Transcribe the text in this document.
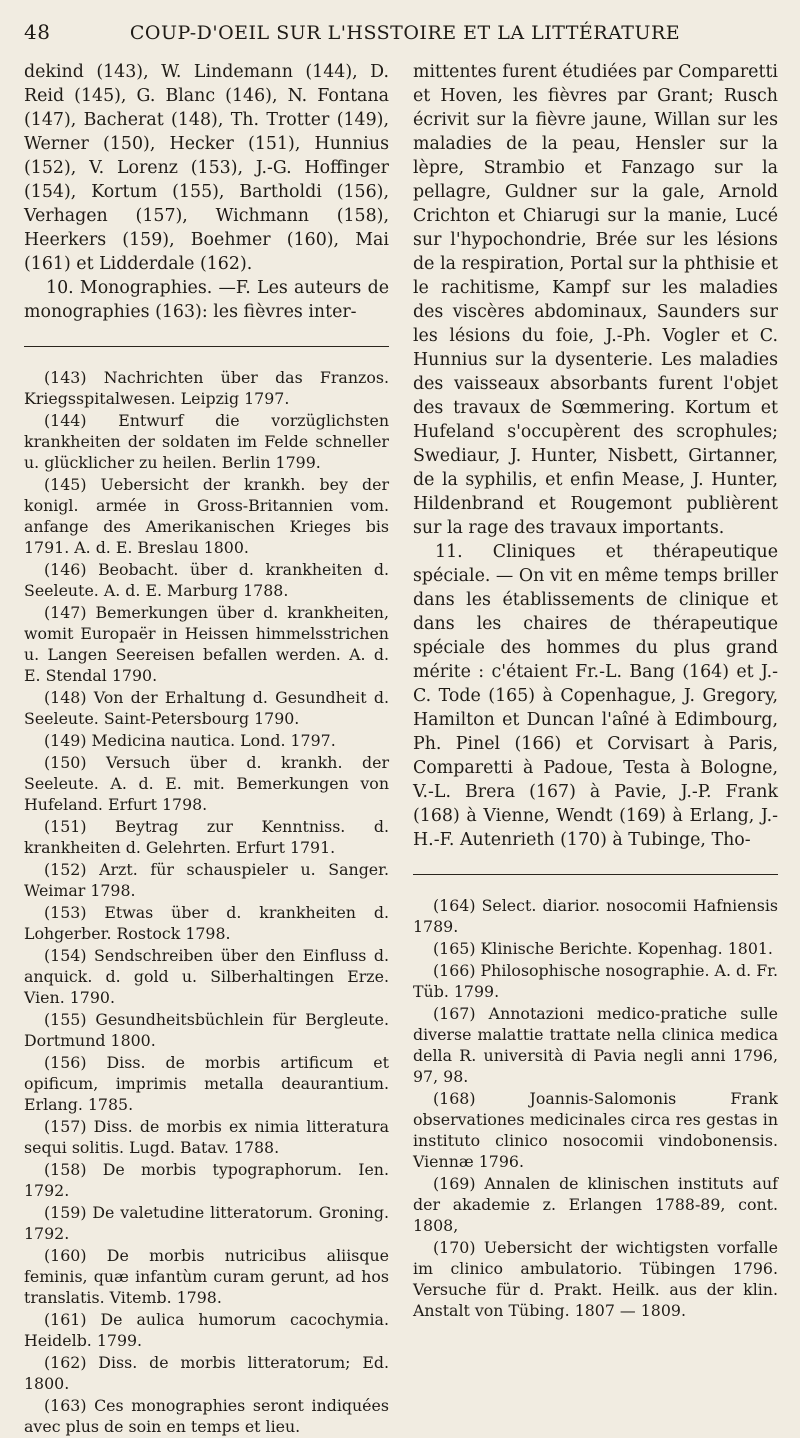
48	COUP-D'OEIL SUR L'HSSTOIRE ET LA LITTÉRATURE

dekind (143), W. Lindemann (144), D. Reid (145), G. Blanc (146), N. Fontana (147), Bacherat (148), Th. Trotter (149), Werner (150), Hecker (151), Hunnius (152), V. Lorenz (153), J.-G. Hoffinger (154), Kortum (155), Bartholdi (156), Verhagen (157), Wichmann (158), Heerkers (159), Boehmer (160), Mai (161) et Lidderdale (162).

10. Monographies. —F. Les auteurs de monographies (163): les fièvres inter-

(143) Nachrichten über das Franzos. Kriegsspitalwesen. Leipzig 1797.

(144) Entwurf die vorzüglichsten krankheiten der soldaten im Felde schneller u. glücklicher zu heilen. Berlin 1799.

(145) Uebersicht der krankh. bey der konigl. armée in Gross-Britannien vom. anfange des Amerikanischen Krieges bis 1791. A. d. E. Breslau 1800.

(146) Beobacht. über d. krankheiten d. Seeleute. A. d. E. Marburg 1788.

(147) Bemerkungen über d. krankheiten, womit Europaër in Heissen himmelsstrichen u. Langen Seereisen befallen werden. A. d. E. Stendal 1790.

(148) Von der Erhaltung d. Gesundheit d. Seeleute. Saint-Petersbourg 1790.

(149) Medicina nautica. Lond. 1797.

(150) Versuch über d. krankh. der Seeleute. A. d. E. mit. Bemerkungen von Hufeland. Erfurt 1798.

(151) Beytrag zur Kenntniss. d. krankheiten d. Gelehrten. Erfurt 1791.

(152) Arzt. für schauspieler u. Sanger. Weimar 1798.

(153) Etwas über d. krankheiten d. Lohgerber. Rostock 1798.

(154) Sendschreiben über den Einfluss d. anquick. d. gold u. Silberhaltingen Erze. Vien. 1790.

(155) Gesundheitsbüchlein für Bergleute. Dortmund 1800.

(156) Diss. de morbis artificum et opificum, imprimis metalla deaurantium. Erlang. 1785.

(157) Diss. de morbis ex nimia litteratura sequi solitis. Lugd. Batav. 1788.

(158) De morbis typographorum. Ien. 1792.

(159) De valetudine litteratorum. Groning. 1792.

(160) De morbis nutricibus aliisque feminis, quæ infantùm curam gerunt, ad hos translatis. Vitemb. 1798.

(161) De aulica humorum cacochymia. Heidelb. 1799.

(162) Diss. de morbis litteratorum; Ed. 1800.

(163) Ces monographies seront indiquées avec plus de soin en temps et lieu.

mittentes furent étudiées par Comparetti et Hoven, les fièvres par Grant; Rusch écrivit sur la fièvre jaune, Willan sur les maladies de la peau, Hensler sur la lèpre, Strambio et Fanzago sur la pellagre, Guldner sur la gale, Arnold Crichton et Chiarugi sur la manie, Lucé sur l'hypochondrie, Brée sur les lésions de la respiration, Portal sur la phthisie et le rachitisme, Kampf sur les maladies des viscères abdominaux, Saunders sur les lésions du foie, J.-Ph. Vogler et C. Hunnius sur la dysenterie. Les maladies des vaisseaux absorbants furent l'objet des travaux de Sœmmering. Kortum et Hufeland s'occupèrent des scrophules; Swediaur, J. Hunter, Nisbett, Girtanner, de la syphilis, et enfin Mease, J. Hunter, Hildenbrand et Rougemont publièrent sur la rage des travaux importants.

11. Cliniques et thérapeutique spéciale. — On vit en même temps briller dans les établissements de clinique et dans les chaires de thérapeutique spéciale des hommes du plus grand mérite : c'étaient Fr.-L. Bang (164) et J.-C. Tode (165) à Copenhague, J. Gregory, Hamilton et Duncan l'aîné à Edimbourg, Ph. Pinel (166) et Corvisart à Paris, Comparetti à Padoue, Testa à Bologne, V.-L. Brera (167) à Pavie, J.-P. Frank (168) à Vienne, Wendt (169) à Erlang, J.-H.-F. Autenrieth (170) à Tubinge, Tho-

(164) Select. diarior. nosocomii Hafniensis 1789.

(165) Klinische Berichte. Kopenhag. 1801.

(166) Philosophische nosographie. A. d. Fr. Tüb. 1799.

(167) Annotazioni medico-pratiche sulle diverse malattie trattate nella clinica medica della R. università di Pavia negli anni 1796, 97, 98.

(168) Joannis-Salomonis Frank observationes medicinales circa res gestas in instituto clinico nosocomii vindobonensis. Viennæ 1796.

(169) Annalen de klinischen instituts auf der akademie z. Erlangen 1788-89, cont. 1808,

(170) Uebersicht der wichtigsten vorfalle im clinico ambulatorio. Tübingen 1796. Versuche für d. Prakt. Heilk. aus der klin. Anstalt von Tübing. 1807 — 1809.
